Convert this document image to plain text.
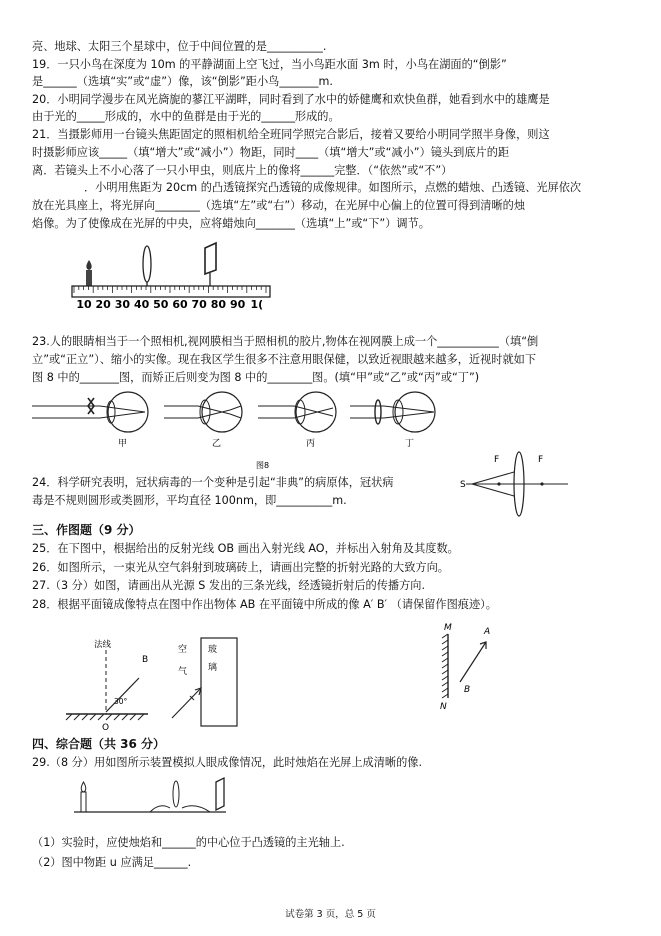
亮、地球、太阳三个星球中，位于中间位置的是__________.
19．一只小鸟在深度为 10m 的平静湖面上空飞过，当小鸟距水面 3m 时，小鸟在湖面的“倒影”
是______（选填“实”或“虚”）像，该“倒影”距小鸟_______m.
20．小明同学漫步在风光旖旎的蓼江平湖畔，同时看到了水中的娇健鹰和欢快鱼群，她看到水中的雄鹰是
由于光的_____形成的，水中的鱼群是由于光的______形成的。
21．当摄影师用一台镜头焦距固定的照相机给全班同学照完合影后，接着又要给小明同学照半身像，则这
时摄影师应该_____（填“增大”或“减小”）物距，同时____（填“增大”或“减小”）镜头到底片的距
离．若镜头上不小心落了一只小甲虫，则底片上的像将______完整．（“依然”或“不”）
．小明用焦距为 20cm 的凸透镜探究凸透镜的成像规律。如图所示，点燃的蜡烛、凸透镜、光屏依次
放在光具座上，将光屏向________（选填“左”或“右”）移动，在光屏中心偏上的位置可得到清晰的烛
焰像。为了使像成在光屏的中央，应将蜡烛向_______（选填“上”或“下”）调节。
10 20 30 40 50 60 70 80 90 1(
23.人的眼睛相当于一个照相机,视网膜相当于照相机的胶片,物体在视网膜上成一个___________（填“倒
立”或“正立”）、缩小的实像。现在我区学生很多不注意用眼保健，以致近视眼越来越多，近视时就如下
图 8 中的_______图，而矫正后则变为图 8 中的________图。(填“甲”或“乙”或“丙”或“丁”)
甲	乙	丙	丁
图8
24．科学研究表明，冠状病毒的一个变种是引起“非典”的病原体，冠状病
毒是不规则圆形或类圆形，平均直径 100nm，即__________m.
F	F
S
三、作图题（9 分）
25．在下图中，根据给出的反射光线 OB 画出入射光线 AO，并标出入射角及其度数。
26．如图所示，一束光从空气斜射到玻璃砖上，请画出完整的折射光路的大致方向。
27.（3 分）如图，请画出从光源 S 发出的三条光线，经透镜折射后的传播方向.
28．根据平面镜成像特点在图中作出物体 AB 在平面镜中所成的像 A′ B′ （请保留作图痕迹）。
法线
B
30°
O
空
气
玻
璃
M
N
A
B
四、综合题（共 36 分）
29.（8 分）用如图所示装置模拟人眼成像情况，此时烛焰在光屏上成清晰的像.
（1）实验时，应使烛焰和______的中心位于凸透镜的主光轴上.
（2）图中物距 u 应满足______.
试卷第 3 页，总 5 页
